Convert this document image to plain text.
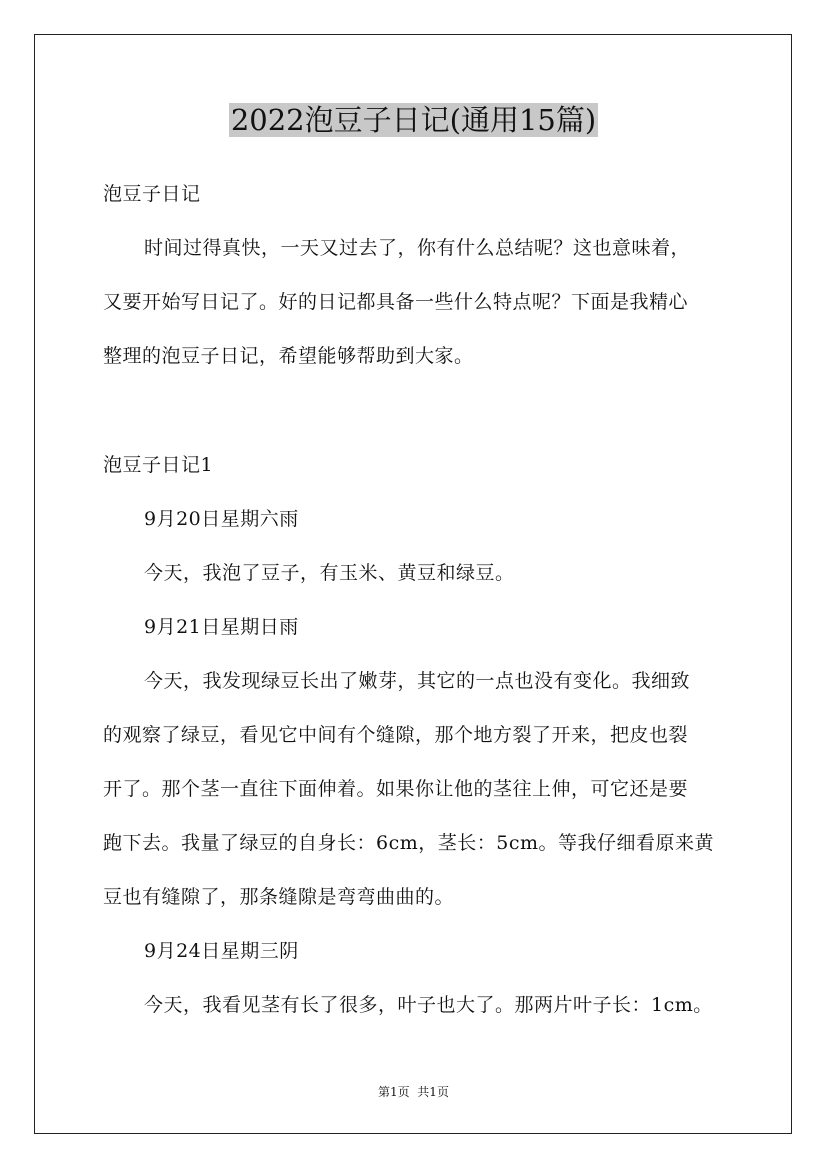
2022泡豆子日记(通用15篇)

泡豆子日记

时间过得真快，一天又过去了，你有什么总结呢？这也意味着，

又要开始写日记了。好的日记都具备一些什么特点呢？下面是我精心

整理的泡豆子日记，希望能够帮助到大家。

泡豆子日记1

9月20日星期六雨

今天，我泡了豆子，有玉米、黄豆和绿豆。

9月21日星期日雨

今天，我发现绿豆长出了嫩芽，其它的一点也没有变化。我细致

的观察了绿豆，看见它中间有个缝隙，那个地方裂了开来，把皮也裂

开了。那个茎一直往下面伸着。如果你让他的茎往上伸，可它还是要

跑下去。我量了绿豆的自身长：6cm，茎长：5cm。等我仔细看原来黄

豆也有缝隙了，那条缝隙是弯弯曲曲的。

9月24日星期三阴

今天，我看见茎有长了很多，叶子也大了。那两片叶子长：1cm。

第1页  共1页
